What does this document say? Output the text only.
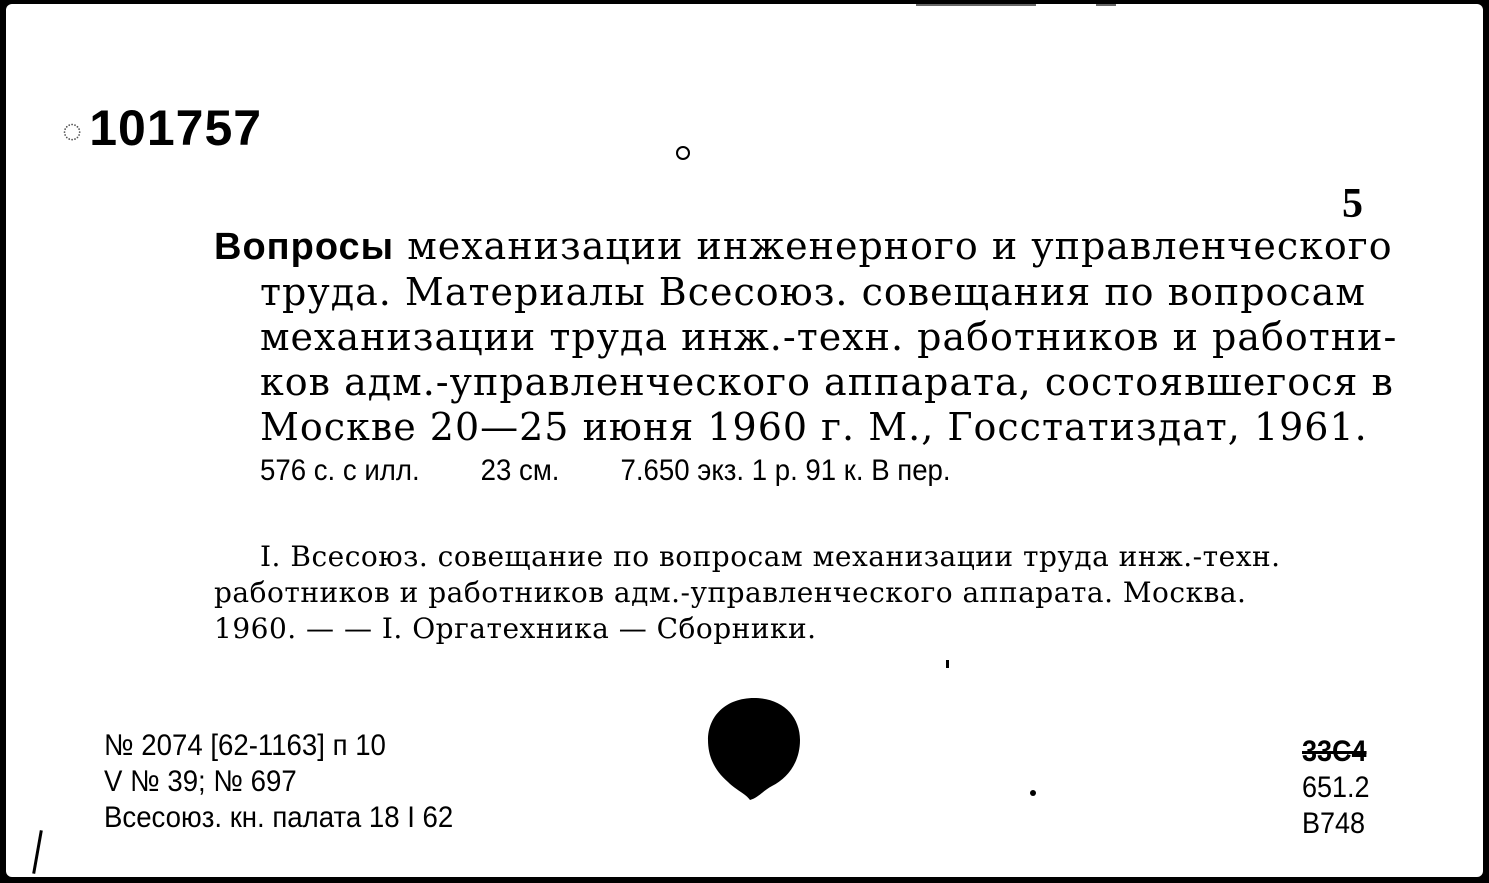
◌ 101757
5
Вопросы механизации инженерного и управленческого
труда. Материалы Всесоюз. совещания по вопросам
механизации труда инж.-техн. работников и работни-
ков адм.-управленческого аппарата, состоявшегося в
Москве 20—25 июня 1960 г. М., Госстатиздат, 1961.
576 с. с илл. 23 см. 7.650 экз. 1 р. 91 к. В пер.
I. Всесоюз. совещание по вопросам механизации труда инж.-техн.
работников и работников адм.-управленческого аппарата. Москва.
1960. — — I. Оргатехника — Сборники.
№ 2074 [62-1163] п 10
V № 39; № 697
Всесоюз. кн. палата 18 I 62
33С4
651.2
В748
